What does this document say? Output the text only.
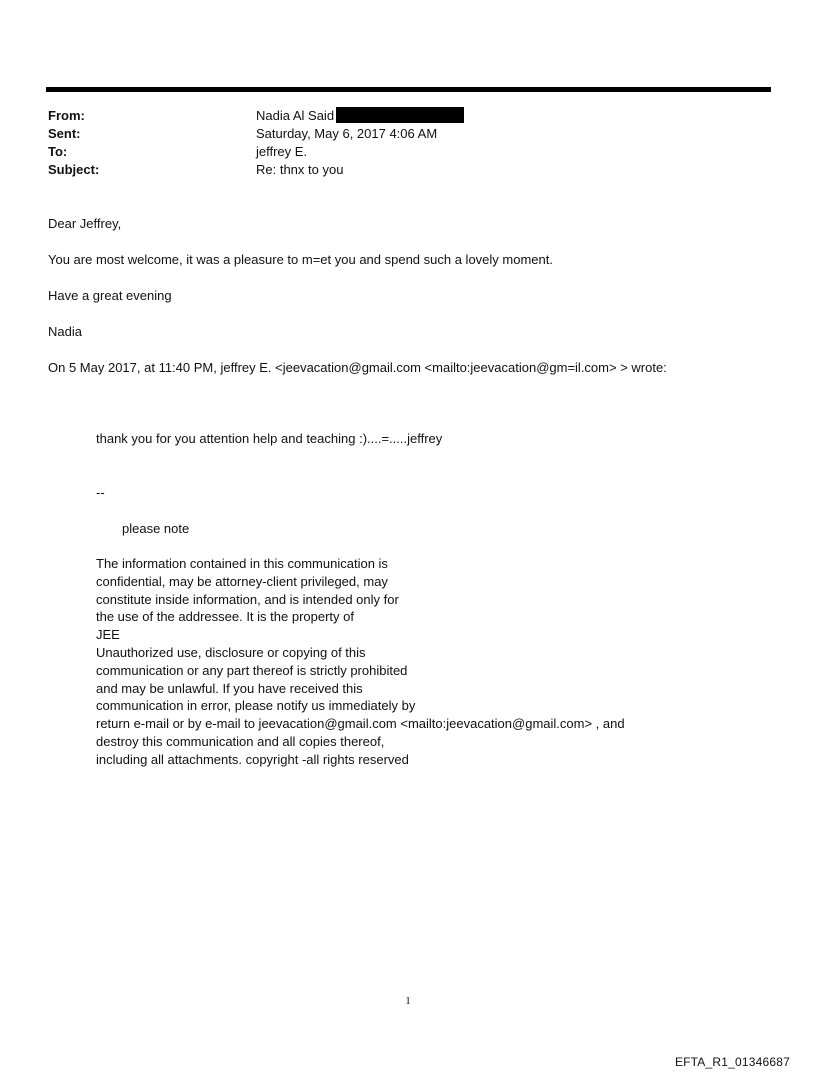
From:	Nadia Al Said
Sent:	Saturday, May 6, 2017 4:06 AM
To:	jeffrey E.
Subject:	Re: thnx to you
Dear Jeffrey,
You are most welcome, it was a pleasure to m=et you and spend such a lovely moment.
Have a great evening
Nadia
On 5 May 2017, at 11:40 PM, jeffrey E. <jeevacation@gmail.com <mailto:jeevacation@gm=il.com> > wrote:
thank you for you attention help and teaching :)....=.....jeffrey
--
please note
The information contained in this communication is
confidential, may be attorney-client privileged, may
constitute inside information, and is intended only for
the use of the addressee. It is the property of
JEE
Unauthorized use, disclosure or copying of this
communication or any part thereof is strictly prohibited
and may be unlawful. If you have received this
communication in error, please notify us immediately by
return e-mail or by e-mail to jeevacation@gmail.com <mailto:jeevacation@gmail.com> , and
destroy this communication and all copies thereof,
including all attachments. copyright -all rights reserved
1
EFTA_R1_01346687
